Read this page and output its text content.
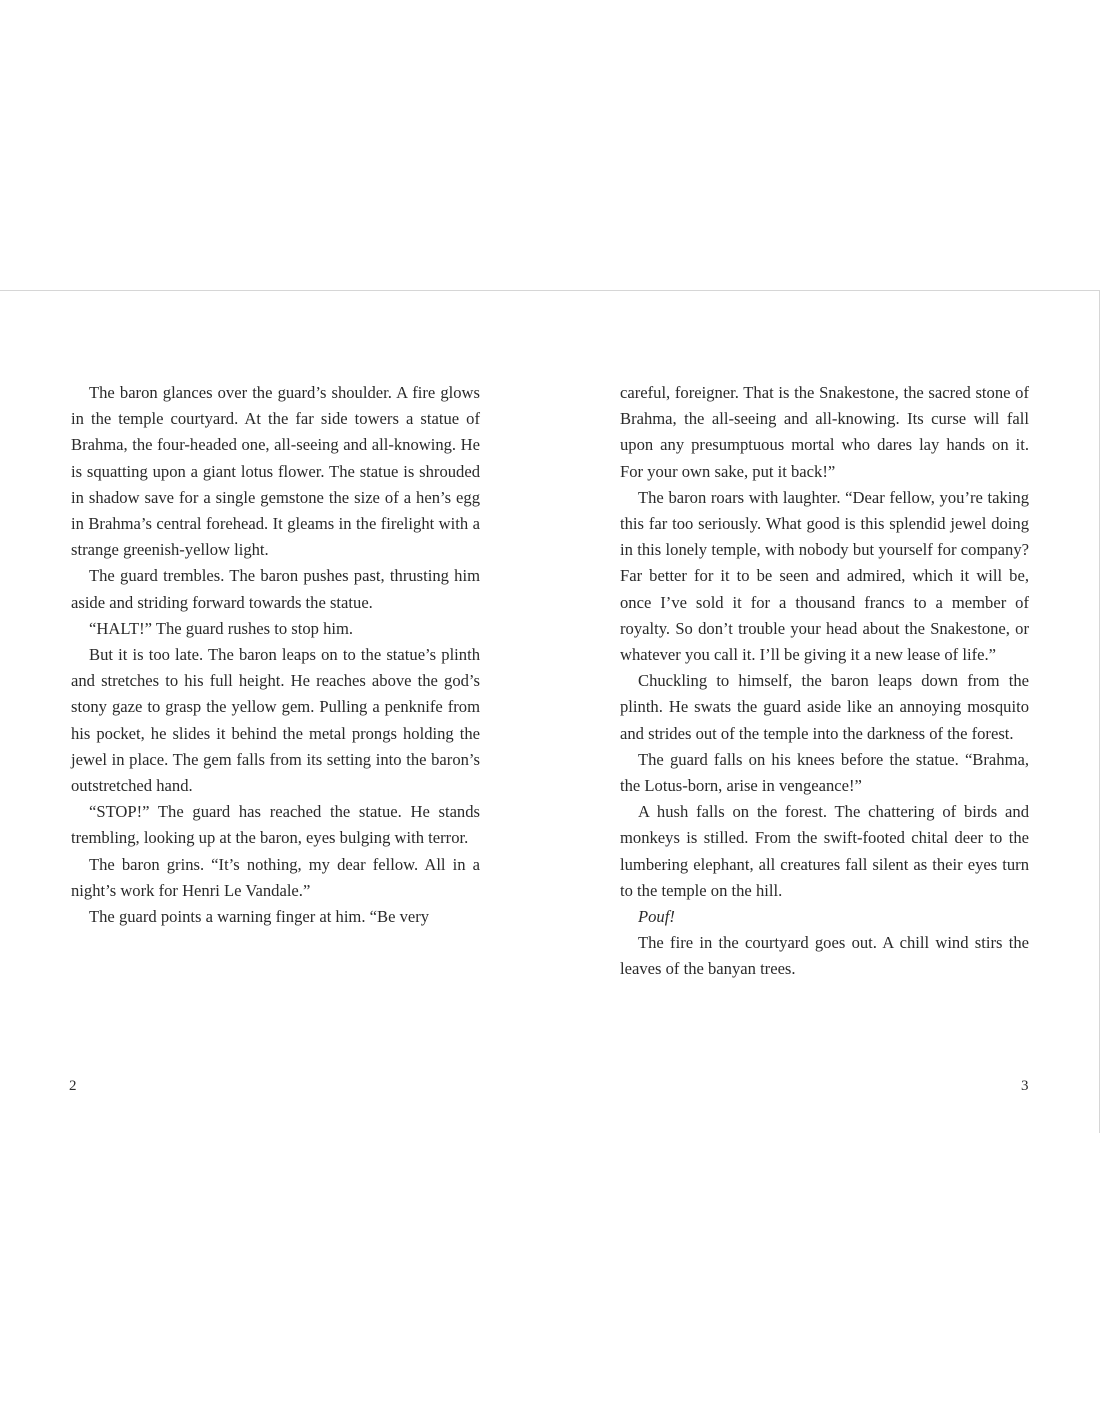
The baron glances over the guard’s shoulder. A fire glows in the temple courtyard. At the far side towers a statue of Brahma, the four-headed one, all-seeing and all-knowing. He is squatting upon a giant lotus flower. The statue is shrouded in shadow save for a single gemstone the size of a hen’s egg in Brahma’s central forehead. It gleams in the firelight with a strange greenish-yellow light.

The guard trembles. The baron pushes past, thrusting him aside and striding forward towards the statue.

“HALT!” The guard rushes to stop him.

But it is too late. The baron leaps on to the statue’s plinth and stretches to his full height. He reaches above the god’s stony gaze to grasp the yellow gem. Pulling a penknife from his pocket, he slides it behind the metal prongs holding the jewel in place. The gem falls from its setting into the baron’s outstretched hand.

“STOP!” The guard has reached the statue. He stands trembling, looking up at the baron, eyes bulging with terror.

The baron grins. “It’s nothing, my dear fellow. All in a night’s work for Henri Le Vandale.”

The guard points a warning finger at him. “Be very

2

careful, foreigner. That is the Snakestone, the sacred stone of Brahma, the all-seeing and all-knowing. Its curse will fall upon any presumptuous mortal who dares lay hands on it. For your own sake, put it back!”

The baron roars with laughter. “Dear fellow, you’re taking this far too seriously. What good is this splendid jewel doing in this lonely temple, with nobody but yourself for company? Far better for it to be seen and admired, which it will be, once I’ve sold it for a thousand francs to a member of royalty. So don’t trouble your head about the Snakestone, or whatever you call it. I’ll be giving it a new lease of life.”

Chuckling to himself, the baron leaps down from the plinth. He swats the guard aside like an annoying mosquito and strides out of the temple into the darkness of the forest.

The guard falls on his knees before the statue. “Brahma, the Lotus-born, arise in vengeance!”

A hush falls on the forest. The chattering of birds and monkeys is stilled. From the swift-footed chital deer to the lumbering elephant, all creatures fall silent as their eyes turn to the temple on the hill.

Pouf!

The fire in the courtyard goes out. A chill wind stirs the leaves of the banyan trees.

3
